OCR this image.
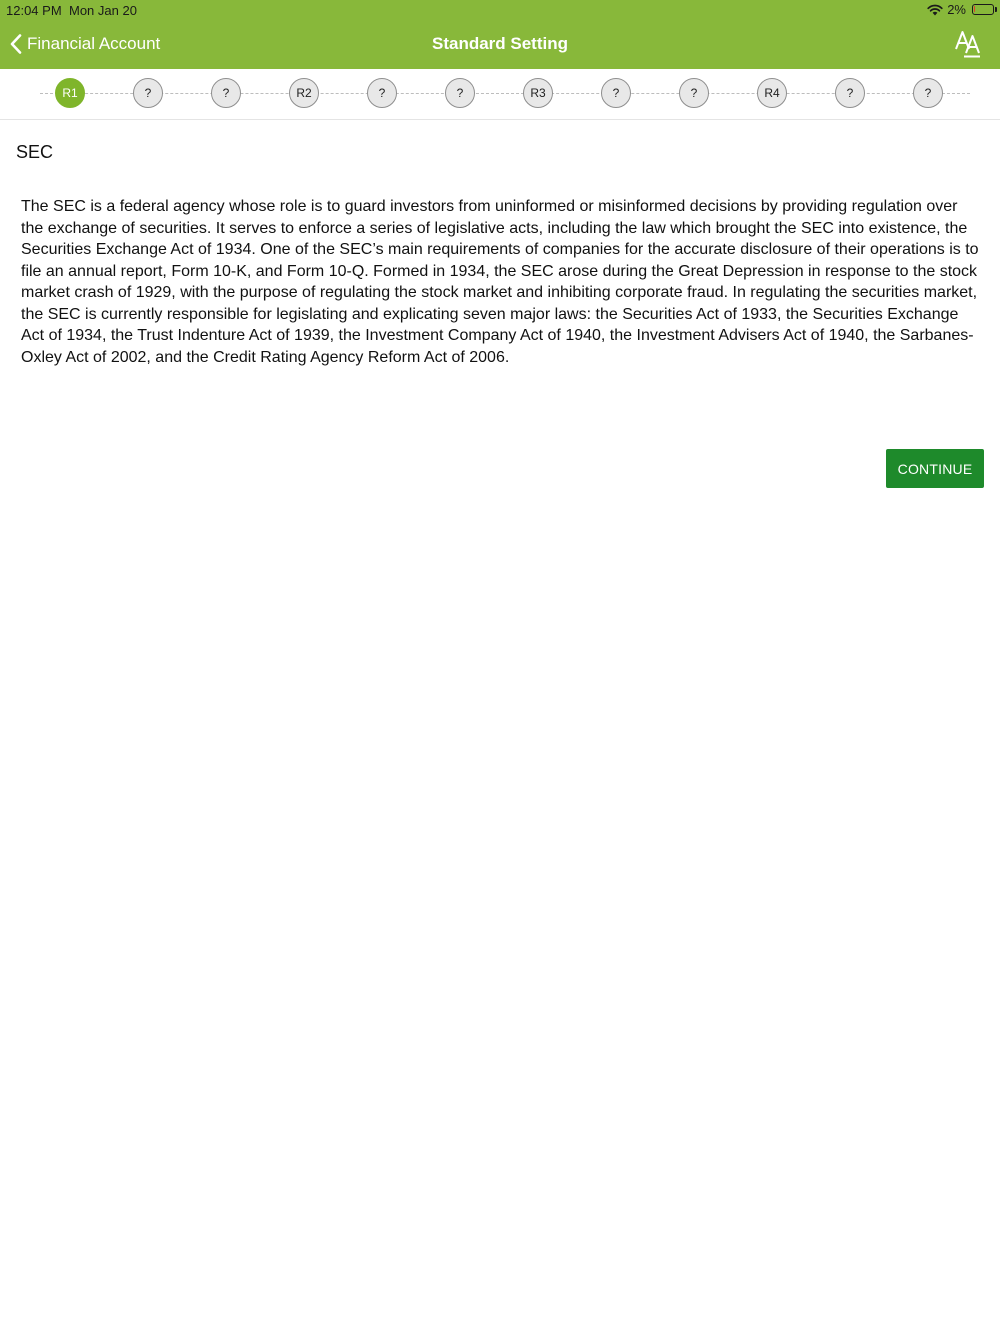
12:04 PM Mon Jan 20	2%
Financial Account	Standard Setting
R1	?	?	R2	?	?	R3	?	?	R4	?	?
SEC

The SEC is a federal agency whose role is to guard investors from uninformed or misinformed decisions by providing regulation over the exchange of securities. It serves to enforce a series of legislative acts, including the law which brought the SEC into existence, the Securities Exchange Act of 1934. One of the SEC’s main requirements of companies for the accurate disclosure of their operations is to file an annual report, Form 10-K, and Form 10-Q. Formed in 1934, the SEC arose during the Great Depression in response to the stock market crash of 1929, with the purpose of regulating the stock market and inhibiting corporate fraud. In regulating the securities market, the SEC is currently responsible for legislating and explicating seven major laws: the Securities Act of 1933, the Securities Exchange Act of 1934, the Trust Indenture Act of 1939, the Investment Company Act of 1940, the Investment Advisers Act of 1940, the Sarbanes-Oxley Act of 2002, and the Credit Rating Agency Reform Act of 2006.

CONTINUE
